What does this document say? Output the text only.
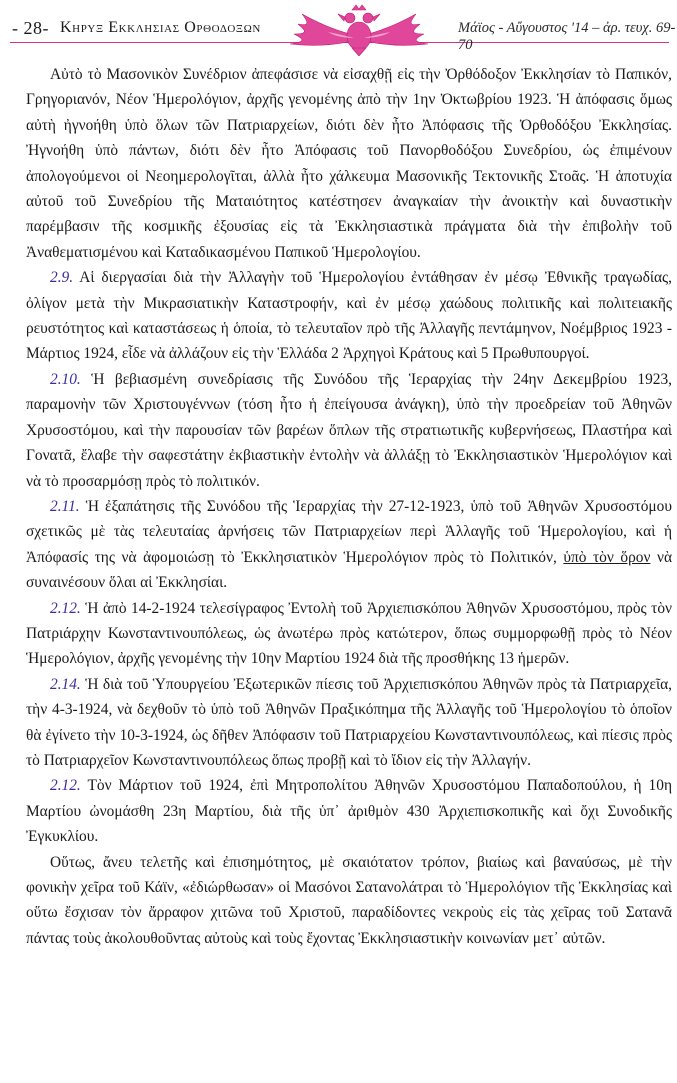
- 28- Κηρυξ Εκκλησιας Ορθοδοξων	Μάϊος - Αὔγουστος '14 – ἀρ. τευχ. 69-70

Αὐτὸ τὸ Μασονικὸν Συνέδριον ἀπεφάσισε νὰ εἰσαχθῇ εἰς τὴν Ὀρθόδοξον Ἐκκλησίαν τὸ Παπικόν, Γρηγοριανόν, Νέον Ἡμερολόγιον, ἀρχῆς γενομένης ἀπὸ τὴν 1ην Ὀκτωβρίου 1923. Ἡ ἀπόφασις ὅμως αὐτὴ ἠγνοήθη ὑπὸ ὅλων τῶν Πατριαρχείων, διότι δὲν ἦτο Ἀπόφασις τῆς Ὀρθοδόξου Ἐκκλησίας. Ἠγνοήθη ὑπὸ πάντων, διότι δὲν ἦτο Ἀπόφασις τοῦ Πανορθοδόξου Συνεδρίου, ὡς ἐπιμένουν ἀπολογούμενοι οἱ Νεοημερολογῖται, ἀλλὰ ἦτο χάλκευμα Μασονικῆς Τεκτονικῆς Στοᾶς. Ἡ ἀποτυχία αὐτοῦ τοῦ Συνεδρίου τῆς Ματαιότητος κατέστησεν ἀναγκαίαν τὴν ἀνοικτὴν καὶ δυναστικὴν παρέμβασιν τῆς κοσμικῆς ἐξουσίας εἰς τὰ Ἐκκλησιαστικὰ πράγματα διὰ τὴν ἐπιβολὴν τοῦ Ἀναθεματισμένου καὶ Καταδικασμένου Παπικοῦ Ἡμερολογίου.

2.9. Αἱ διεργασίαι διὰ τὴν Ἀλλαγὴν τοῦ Ἡμερολογίου ἐντάθησαν ἐν μέσῳ Ἐθνικῆς τραγωδίας, ὀλίγον μετὰ τὴν Μικρασιατικὴν Καταστροφήν, καὶ ἐν μέσῳ χαώδους πολιτικῆς καὶ πολιτειακῆς ρευστότητος καὶ καταστάσεως ἡ ὁποία, τὸ τελευταῖον πρὸ τῆς Ἀλλαγῆς πεντάμηνον, Νοέμβριος 1923 - Μάρτιος 1924, εἶδε νὰ ἀλλάζουν εἰς τὴν Ἑλλάδα 2 Ἀρχηγοὶ Κράτους καὶ 5 Πρωθυπουργοί.

2.10. Ἡ βεβιασμένη συνεδρίασις τῆς Συνόδου τῆς Ἱεραρχίας τὴν 24ην Δεκεμβρίου 1923, παραμονὴν τῶν Χριστουγέννων (τόση ἦτο ἡ ἐπείγουσα ἀνάγκη), ὑπὸ τὴν προεδρείαν τοῦ Ἀθηνῶν Χρυσοστόμου, καὶ τὴν παρουσίαν τῶν βαρέων ὅπλων τῆς στρατιωτικῆς κυβερνήσεως, Πλαστήρα καὶ Γονατᾶ, ἔλαβε τὴν σαφεστάτην ἐκβιαστικὴν ἐντολὴν νὰ ἀλλάξῃ τὸ Ἐκκλησιαστικὸν Ἡμερολόγιον καὶ νὰ τὸ προσαρμόσῃ πρὸς τὸ πολιτικόν.

2.11. Ἡ ἐξαπάτησις τῆς Συνόδου τῆς Ἱεραρχίας τὴν 27-12-1923, ὑπὸ τοῦ Ἀθηνῶν Χρυσοστόμου σχετικῶς μὲ τὰς τελευταίας ἀρνήσεις τῶν Πατριαρχείων περὶ Ἀλλαγῆς τοῦ Ἡμερολογίου, καὶ ἡ Ἀπόφασίς της νὰ ἀφομοιώσῃ τὸ Ἐκκλησιατικὸν Ἡμερολόγιον πρὸς τὸ Πολιτικόν, ὑπὸ τὸν ὅρον νὰ συναινέσουν ὅλαι αἱ Ἐκκλησίαι.

2.12. Ἡ ἀπὸ 14-2-1924 τελεσίγραφος Ἐντολὴ τοῦ Ἀρχιεπισκόπου Ἀθηνῶν Χρυσοστόμου, πρὸς τὸν Πατριάρχην Κωνσταντινουπόλεως, ὡς ἀνωτέρω πρὸς κατώτερον, ὅπως συμμορφωθῇ πρὸς τὸ Νέον Ἡμερολόγιον, ἀρχῆς γενομένης τὴν 10ην Μαρτίου 1924 διὰ τῆς προσθήκης 13 ἡμερῶν.

2.14. Ἡ διὰ τοῦ Ὑπουργείου Ἐξωτερικῶν πίεσις τοῦ Ἀρχιεπισκόπου Ἀθηνῶν πρὸς τὰ Πατριαρχεῖα, τὴν 4-3-1924, νὰ δεχθοῦν τὸ ὑπὸ τοῦ Ἀθηνῶν Πραξικόπημα τῆς Ἀλλαγῆς τοῦ Ἡμερολογίου τὸ ὁποῖον θὰ ἐγίνετο τὴν 10-3-1924, ὡς δῆθεν Ἀπόφασιν τοῦ Πατριαρχείου Κωνσταντινουπόλεως, καὶ πίεσις πρὸς τὸ Πατριαρχεῖον Κωνσταντινουπόλεως ὅπως προβῇ καὶ τὸ ἴδιον εἰς τὴν Ἀλλαγήν.

2.12. Τὸν Μάρτιον τοῦ 1924, ἐπὶ Μητροπολίτου Ἀθηνῶν Χρυσοστόμου Παπαδοπούλου, ἡ 10η Μαρτίου ὠνομάσθη 23η Μαρτίου, διὰ τῆς ὑπ᾽ ἀριθμὸν 430 Ἀρχιεπισκοπικῆς καὶ ὄχι Συνοδικῆς Ἐγκυκλίου.

Οὕτως, ἄνευ τελετῆς καὶ ἐπισημότητος, μὲ σκαιότατον τρόπον, βιαίως καὶ βαναύσως, μὲ τὴν φονικὴν χεῖρα τοῦ Κάϊν, «ἐδιώρθωσαν» οἱ Μασόνοι Σατανολάτραι τὸ Ἡμερολόγιον τῆς Ἐκκλησίας καὶ οὕτω ἔσχισαν τὸν ἄρραφον χιτῶνα τοῦ Χριστοῦ, παραδίδοντες νεκροὺς εἰς τὰς χεῖρας τοῦ Σατανᾶ πάντας τοὺς ἀκολουθοῦντας αὐτοὺς καὶ τοὺς ἔχοντας Ἐκκλησιαστικὴν κοινωνίαν μετ᾽ αὐτῶν.
